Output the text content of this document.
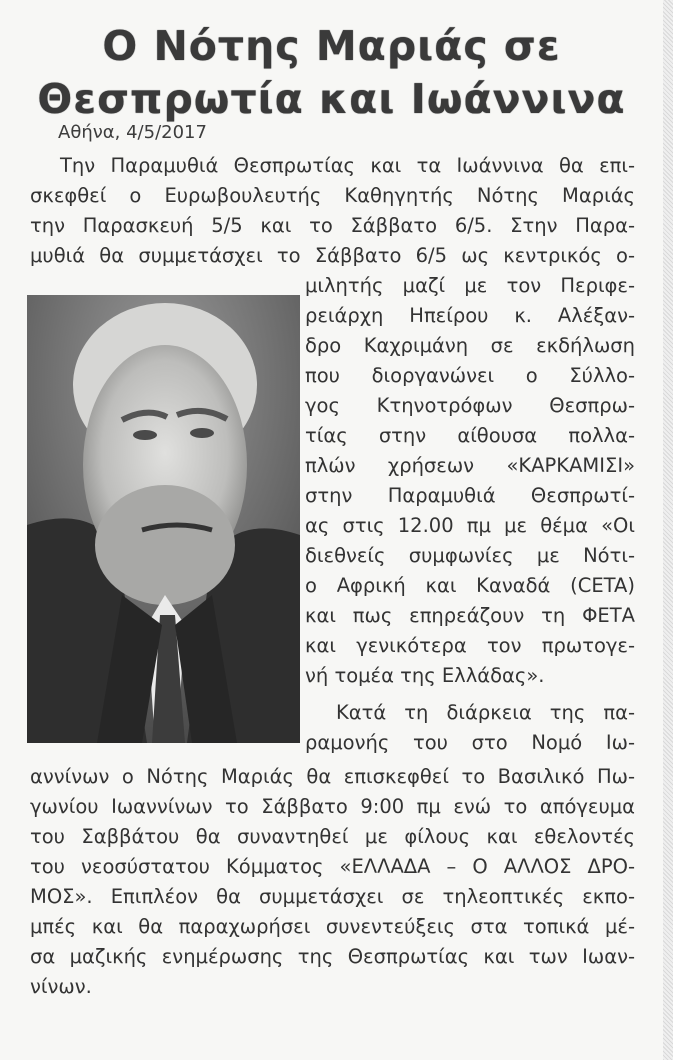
Ο Νότης Μαριάς σε
Θεσπρωτία και Ιωάννινα
Αθήνα, 4/5/2017
Την Παραμυθιά Θεσπρωτίας και τα Ιωάννινα θα επι-
σκεφθεί ο Ευρωβουλευτής Καθηγητής Νότης Μαριάς
την Παρασκευή 5/5 και το Σάββατο 6/5. Στην Παρα-
μυθιά θα συμμετάσχει το Σάββατο 6/5 ως κεντρικός ο-
μιλητής μαζί με τον Περιφε-
ρειάρχη Ηπείρου κ. Αλέξαν-
δρο Καχριμάνη σε εκδήλωση
που διοργανώνει ο Σύλλο-
γος Κτηνοτρόφων Θεσπρω-
τίας στην αίθουσα πολλα-
πλών χρήσεων «ΚΑΡΚΑΜΙΣΙ»
στην Παραμυθιά Θεσπρωτί-
ας στις 12.00 πμ με θέμα «Οι
διεθνείς συμφωνίες με Νότι-
ο Αφρική και Καναδά (CETA)
και πως επηρεάζουν τη ΦΕΤΑ
και γενικότερα τον πρωτογε-
νή τομέα της Ελλάδας».
Κατά τη διάρκεια της πα-
ραμονής του στο Νομό Ιω-
αννίνων ο Νότης Μαριάς θα επισκεφθεί το Βασιλικό Πω-
γωνίου Ιωαννίνων το Σάββατο 9:00 πμ ενώ το απόγευμα
του Σαββάτου θα συναντηθεί με φίλους και εθελοντές
του νεοσύστατου Κόμματος «ΕΛΛΑΔΑ – Ο ΑΛΛΟΣ ΔΡΟ-
ΜΟΣ». Επιπλέον θα συμμετάσχει σε τηλεοπτικές εκπο-
μπές και θα παραχωρήσει συνεντεύξεις στα τοπικά μέ-
σα μαζικής ενημέρωσης της Θεσπρωτίας και των Ιωαν-
νίνων.
